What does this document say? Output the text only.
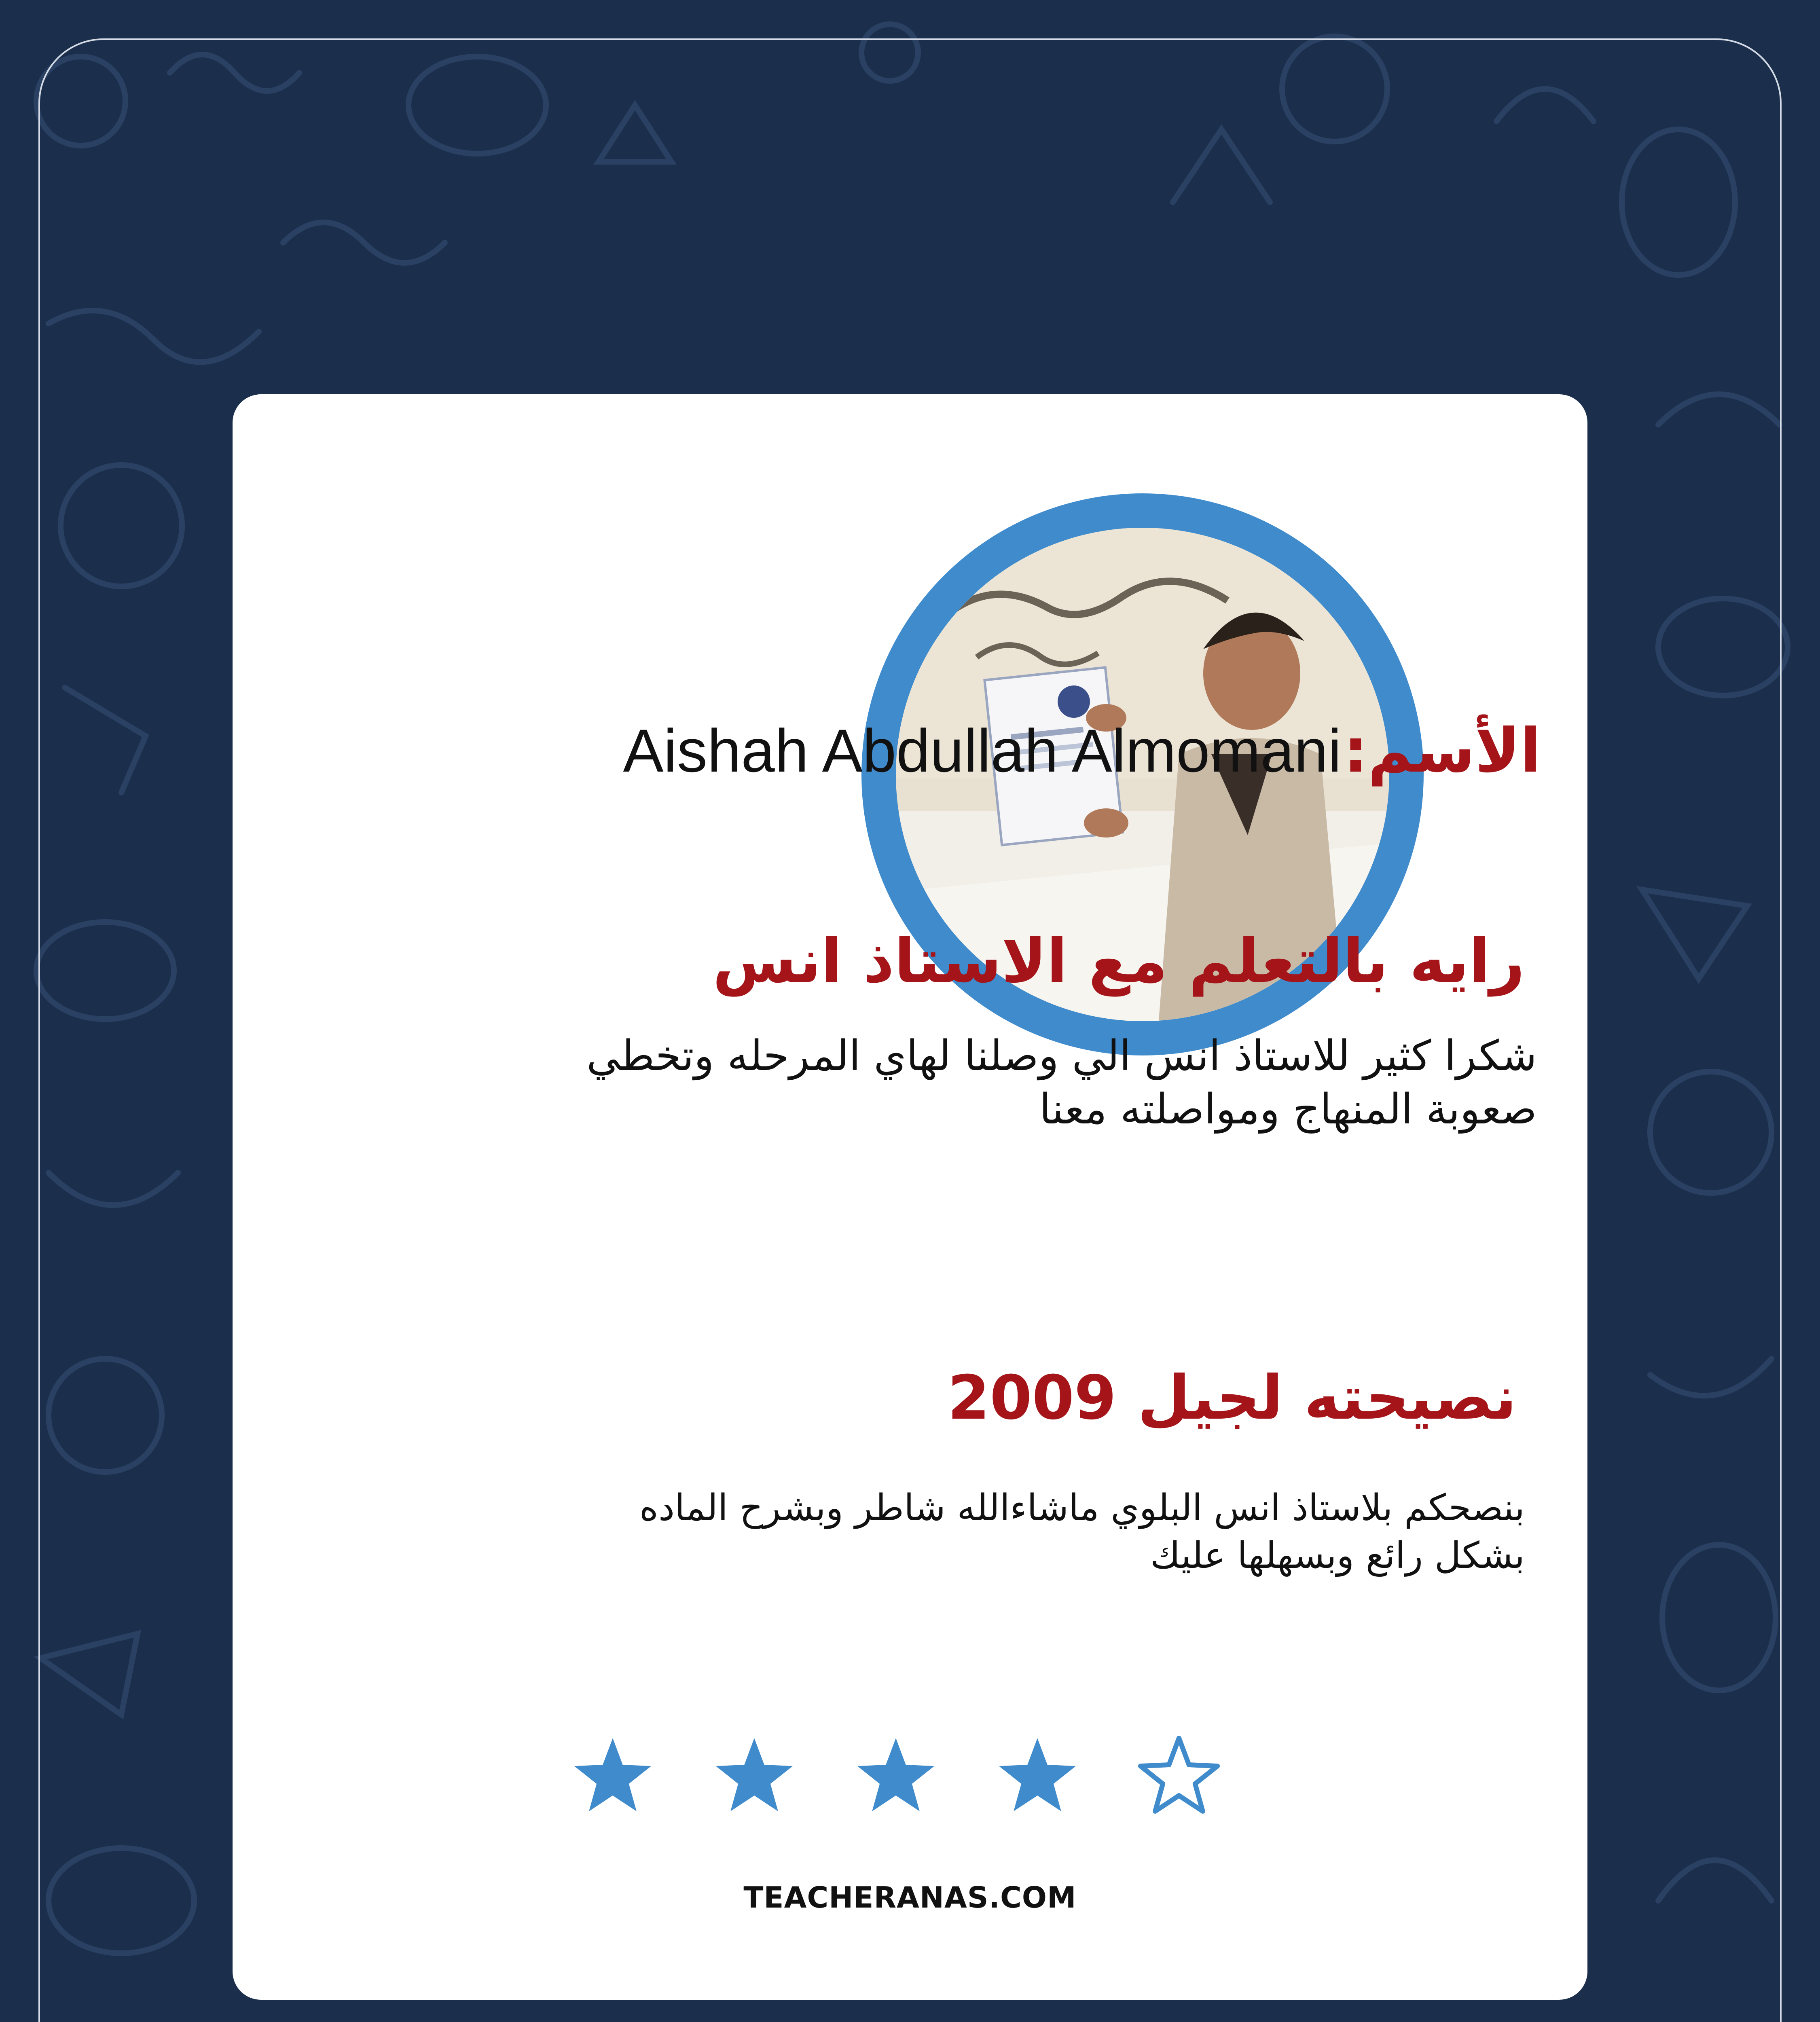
الأسم: Aishah Abdullah Almomani
رايه بالتعلم مع الاستاذ انس
شكرا كثير للاستاذ انس الي وصلنا لهاي المرحله وتخطي
صعوبة المنهاج ومواصلته معنا
نصيحته لجيل 2009
بنصحكم بلاستاذ انس البلوي ماشاءالله شاطر وبشرح الماده
بشكل رائع وبسهلها عليك
TEACHERANAS.COM
